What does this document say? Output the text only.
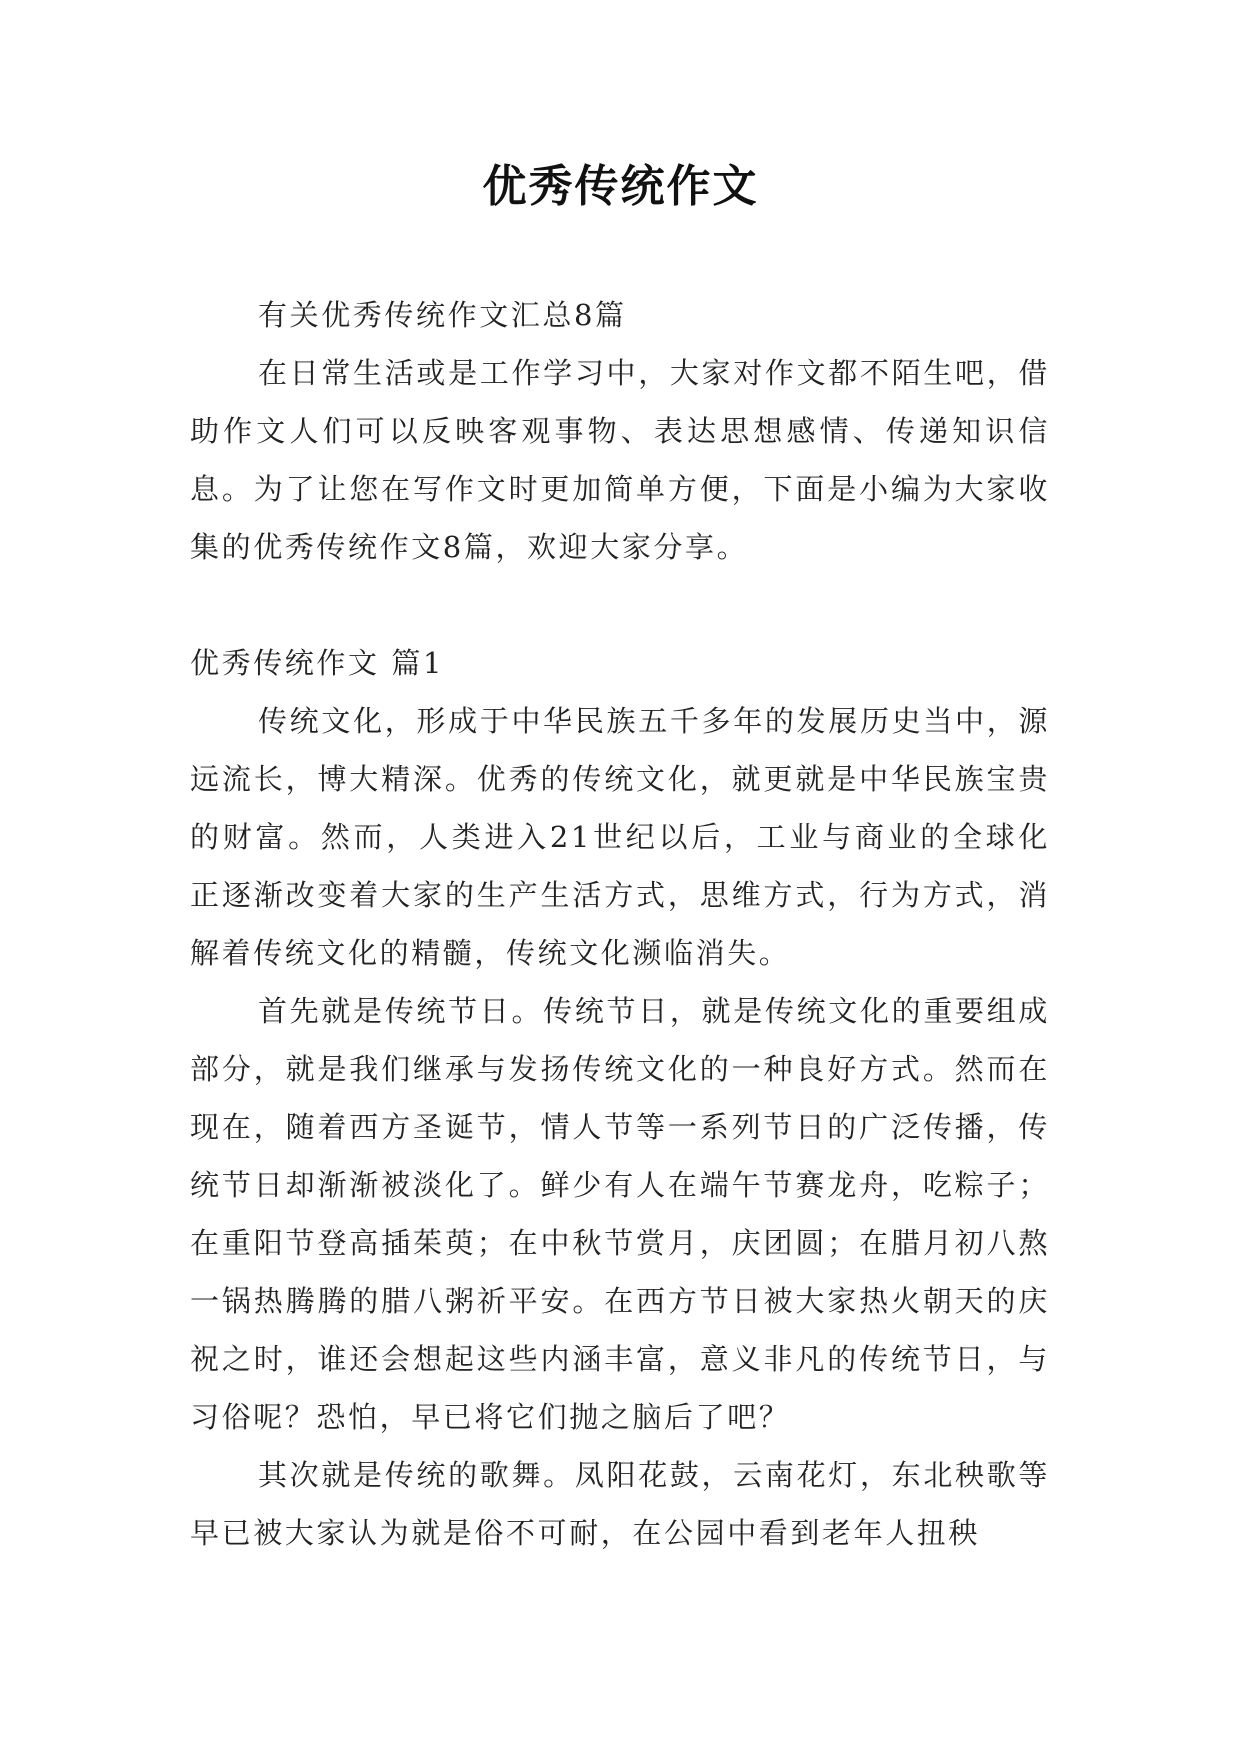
优秀传统作文

有关优秀传统作文汇总8篇

在日常生活或是工作学习中，大家对作文都不陌生吧，借助作文人们可以反映客观事物、表达思想感情、传递知识信息。为了让您在写作文时更加简单方便，下面是小编为大家收集的优秀传统作文8篇，欢迎大家分享。

优秀传统作文 篇1

传统文化，形成于中华民族五千多年的发展历史当中，源远流长，博大精深。优秀的传统文化，就更就是中华民族宝贵的财富。然而，人类进入21世纪以后，工业与商业的全球化正逐渐改变着大家的生产生活方式，思维方式，行为方式，消解着传统文化的精髓，传统文化濒临消失。

首先就是传统节日。传统节日，就是传统文化的重要组成部分，就是我们继承与发扬传统文化的一种良好方式。然而在现在，随着西方圣诞节，情人节等一系列节日的广泛传播，传统节日却渐渐被淡化了。鲜少有人在端午节赛龙舟，吃粽子；在重阳节登高插茱萸；在中秋节赏月，庆团圆；在腊月初八熬一锅热腾腾的腊八粥祈平安。在西方节日被大家热火朝天的庆祝之时，谁还会想起这些内涵丰富，意义非凡的传统节日，与习俗呢？恐怕，早已将它们抛之脑后了吧？

其次就是传统的歌舞。凤阳花鼓，云南花灯，东北秧歌等早已被大家认为就是俗不可耐，在公园中看到老年人扭秧
